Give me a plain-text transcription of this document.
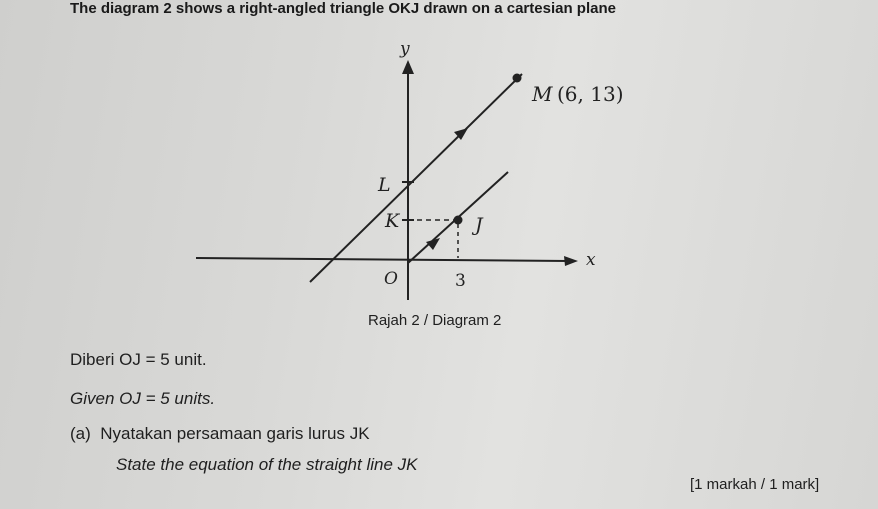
The diagram 2 shows a right-angled triangle OKJ drawn on a cartesian plane
y
x
O
M (6, 13)
L
K	J
3
Rajah 2 / Diagram 2
Diberi OJ = 5 unit.
Given OJ = 5 units.
(a) Nyatakan persamaan garis lurus JK
State the equation of the straight line JK
[1 markah / 1 mark]
